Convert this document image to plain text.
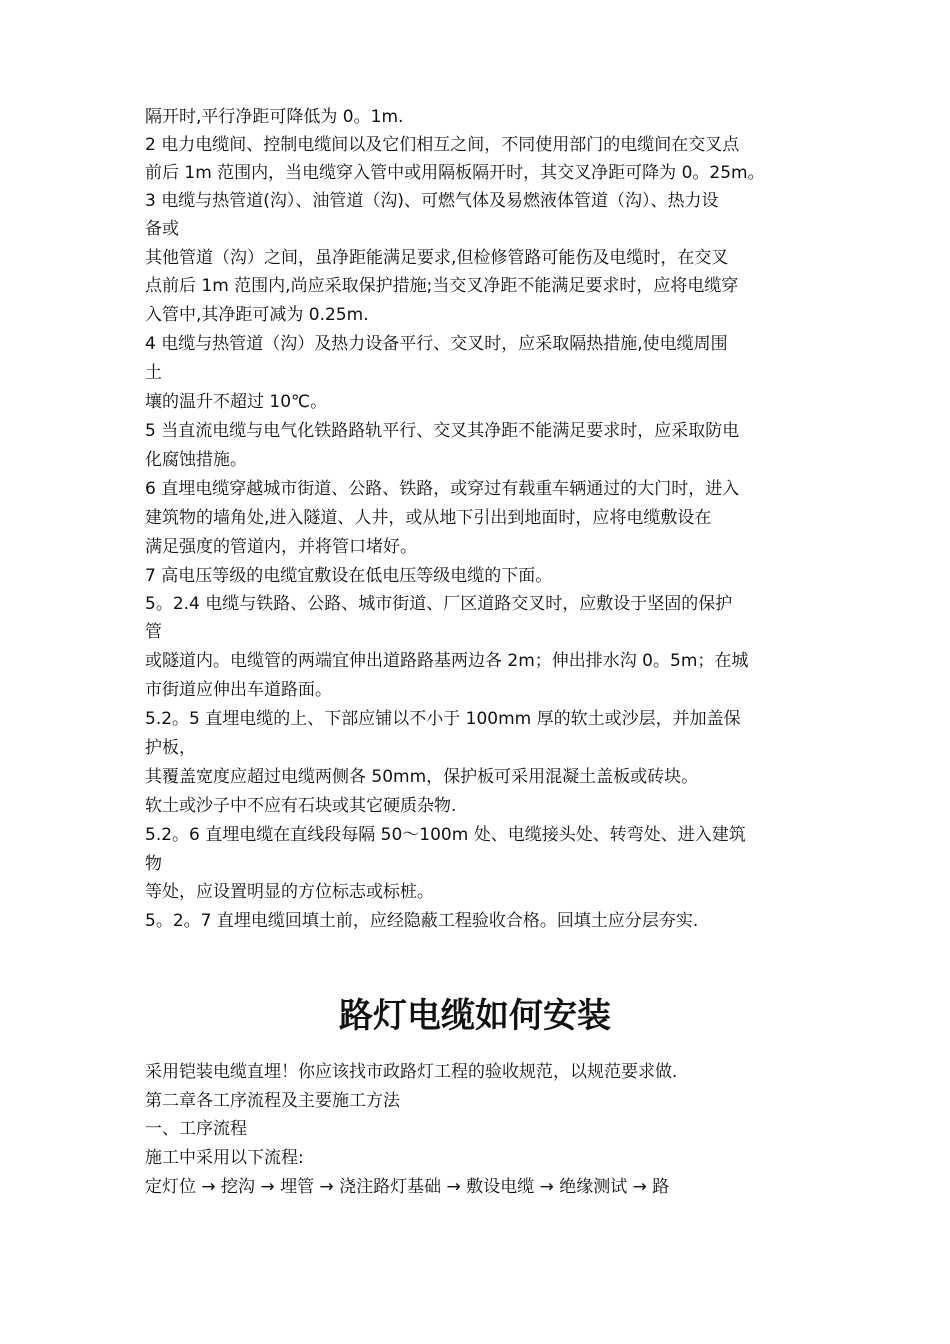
隔开时,平行净距可降低为 0。1m.
2 电力电缆间、控制电缆间以及它们相互之间，不同使用部门的电缆间在交叉点
前后 1m 范围内，当电缆穿入管中或用隔板隔开时，其交叉净距可降为 0。25m。
3 电缆与热管道(沟）、油管道（沟)、可燃气体及易燃液体管道（沟）、热力设
备或
其他管道（沟）之间，虽净距能满足要求,但检修管路可能伤及电缆时，在交叉
点前后 1m 范围内,尚应采取保护措施;当交叉净距不能满足要求时，应将电缆穿
入管中,其净距可减为 0.25m.
4 电缆与热管道（沟）及热力设备平行、交叉时，应采取隔热措施,使电缆周围
土
壤的温升不超过 10℃。
5 当直流电缆与电气化铁路路轨平行、交叉其净距不能满足要求时，应采取防电
化腐蚀措施。
6 直埋电缆穿越城市街道、公路、铁路，或穿过有载重车辆通过的大门时，进入
建筑物的墙角处,进入隧道、人井，或从地下引出到地面时，应将电缆敷设在
满足强度的管道内，并将管口堵好。
7 高电压等级的电缆宜敷设在低电压等级电缆的下面。
5。2.4 电缆与铁路、公路、城市街道、厂区道路交叉时，应敷设于坚固的保护
管
或隧道内。电缆管的两端宜伸出道路路基两边各 2m；伸出排水沟 0。5m；在城
市街道应伸出车道路面。
5.2。5 直埋电缆的上、下部应铺以不小于 100mm 厚的软土或沙层，并加盖保
护板，
其覆盖宽度应超过电缆两侧各 50mm，保护板可采用混凝土盖板或砖块。
软土或沙子中不应有石块或其它硬质杂物.
5.2。6 直埋电缆在直线段每隔 50～100m 处、电缆接头处、转弯处、进入建筑
物
等处，应设置明显的方位标志或标桩。
5。2。7 直埋电缆回填土前，应经隐蔽工程验收合格。回填土应分层夯实.
路灯电缆如何安装
采用铠装电缆直埋！你应该找市政路灯工程的验收规范，以规范要求做.
第二章各工序流程及主要施工方法
一、工序流程
施工中采用以下流程:
定灯位 → 挖沟 → 埋管 → 浇注路灯基础 → 敷设电缆 → 绝缘测试 → 路
